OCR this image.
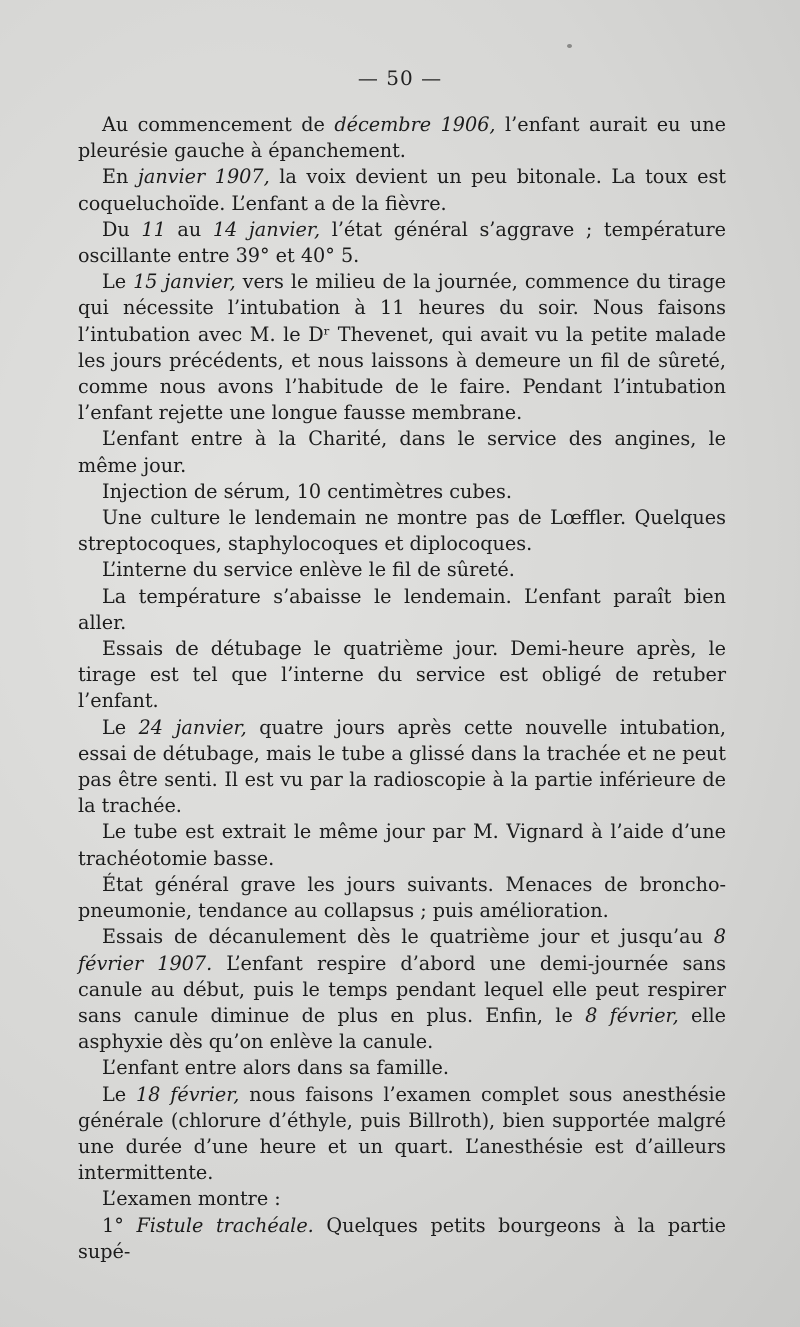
— 50 —

Au commencement de décembre 1906, l’enfant aurait eu une pleurésie gauche à épanchement.

En janvier 1907, la voix devient un peu bitonale. La toux est coqueluchoïde. L’enfant a de la fièvre.

Du 11 au 14 janvier, l’état général s’aggrave ; température oscillante entre 39° et 40° 5.

Le 15 janvier, vers le milieu de la journée, commence du tirage qui nécessite l’intubation à 11 heures du soir. Nous faisons l’intubation avec M. le Dʳ Thevenet, qui avait vu la petite malade les jours précédents, et nous laissons à demeure un fil de sûreté, comme nous avons l’habitude de le faire. Pendant l’intubation l’enfant rejette une longue fausse membrane.

L’enfant entre à la Charité, dans le service des angines, le même jour.

Injection de sérum, 10 centimètres cubes.

Une culture le lendemain ne montre pas de Lœffler. Quelques streptocoques, staphylocoques et diplocoques.

L’interne du service enlève le fil de sûreté.

La température s’abaisse le lendemain. L’enfant paraît bien aller.

Essais de détubage le quatrième jour. Demi-heure après, le tirage est tel que l’interne du service est obligé de retuber l’enfant.

Le 24 janvier, quatre jours après cette nouvelle intubation, essai de détubage, mais le tube a glissé dans la trachée et ne peut pas être senti. Il est vu par la radioscopie à la partie inférieure de la trachée.

Le tube est extrait le même jour par M. Vignard à l’aide d’une trachéotomie basse.

État général grave les jours suivants. Menaces de broncho-pneumonie, tendance au collapsus ; puis amélioration.

Essais de décanulement dès le quatrième jour et jusqu’au 8 février 1907. L’enfant respire d’abord une demi-journée sans canule au début, puis le temps pendant lequel elle peut respirer sans canule diminue de plus en plus. Enfin, le 8 février, elle asphyxie dès qu’on enlève la canule.

L’enfant entre alors dans sa famille.

Le 18 février, nous faisons l’examen complet sous anesthésie générale (chlorure d’éthyle, puis Billroth), bien supportée malgré une durée d’une heure et un quart. L’anesthésie est d’ailleurs intermittente.

L’examen montre :

1° Fistule trachéale. Quelques petits bourgeons à la partie supé-
